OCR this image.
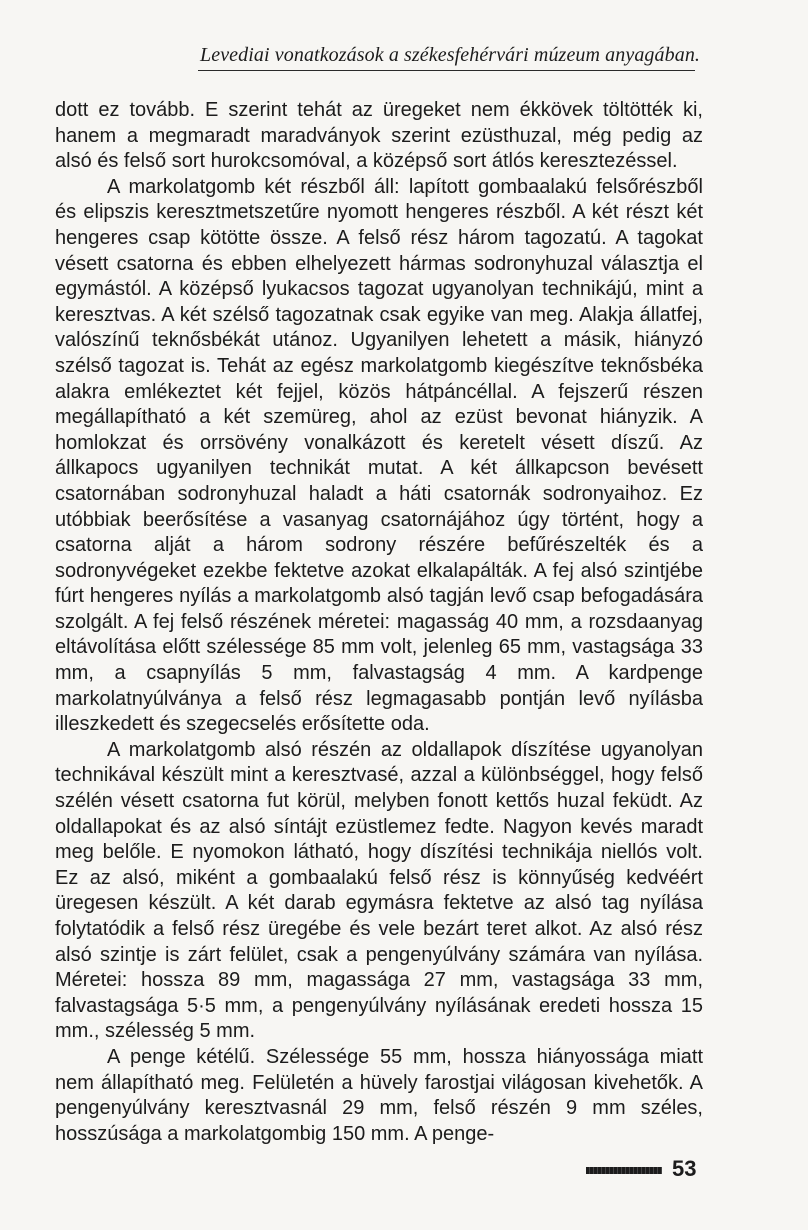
Levediai vonatkozások a székesfehérvári múzeum anyagában.

dott ez tovább. E szerint tehát az üregeket nem ékkövek töltötték ki, hanem a megmaradt maradványok szerint ezüsthuzal, még pedig az alsó és felső sort hurokcsomóval, a középső sort átlós keresztezéssel.

A markolatgomb két részből áll: lapított gombaalakú felsőrészből és elipszis keresztmetszetűre nyomott hengeres részből. A két részt két hengeres csap kötötte össze. A felső rész három tagozatú. A tagokat vésett csatorna és ebben elhelyezett hármas sodronyhuzal választja el egymástól. A középső lyukacsos tagozat ugyanolyan technikájú, mint a keresztvas. A két szélső tagozatnak csak egyike van meg. Alakja állatfej, valószínű teknősbékát utánoz. Ugyanilyen lehetett a másik, hiányzó szélső tagozat is. Tehát az egész markolatgomb kiegészítve teknősbéka alakra emlékeztet két fejjel, közös hátpáncéllal. A fejszerű részen megállapítható a két szemüreg, ahol az ezüst bevonat hiányzik. A homlokzat és orrsövény vonalkázott és keretelt vésett díszű. Az állkapocs ugyanilyen technikát mutat. A két állkapcson bevésett csatornában sodronyhuzal haladt a háti csatornák sodronyaihoz. Ez utóbbiak beerősítése a vasanyag csatornájához úgy történt, hogy a csatorna alját a három sodrony részére befűrészelték és a sodronyvégeket ezekbe fektetve azokat elkalapálták. A fej alsó szintjébe fúrt hengeres nyílás a markolatgomb alsó tagján levő csap befogadására szolgált. A fej felső részének méretei: magasság 40 mm, a rozsdaanyag eltávolítása előtt szélessége 85 mm volt, jelenleg 65 mm, vastagsága 33 mm, a csapnyílás 5 mm, falvastagság 4 mm. A kardpenge markolatnyúlványa a felső rész legmagasabb pontján levő nyílásba illeszkedett és szegecselés erősítette oda.

A markolatgomb alsó részén az oldallapok díszítése ugyanolyan technikával készült mint a keresztvasé, azzal a különbséggel, hogy felső szélén vésett csatorna fut körül, melyben fonott kettős huzal feküdt. Az oldallapokat és az alsó síntájt ezüstlemez fedte. Nagyon kevés maradt meg belőle. E nyomokon látható, hogy díszítési technikája niellós volt. Ez az alsó, miként a gombaalakú felső rész is könnyűség kedvéért üregesen készült. A két darab egymásra fektetve az alsó tag nyílása folytatódik a felső rész üregébe és vele bezárt teret alkot. Az alsó rész alsó szintje is zárt felület, csak a pengenyúlvány számára van nyílása. Méretei: hossza 89 mm, magassága 27 mm, vastagsága 33 mm, falvastagsága 5·5 mm, a pengenyúlvány nyílásának eredeti hossza 15 mm., szélesség 5 mm.

A penge kétélű. Szélessége 55 mm, hossza hiányossága miatt nem állapítható meg. Felületén a hüvely farostjai világosan kivehetők. A pengenyúlvány keresztvasnál 29 mm, felső részén 9 mm széles, hosszúsága a markolatgombig 150 mm. A penge-

53
